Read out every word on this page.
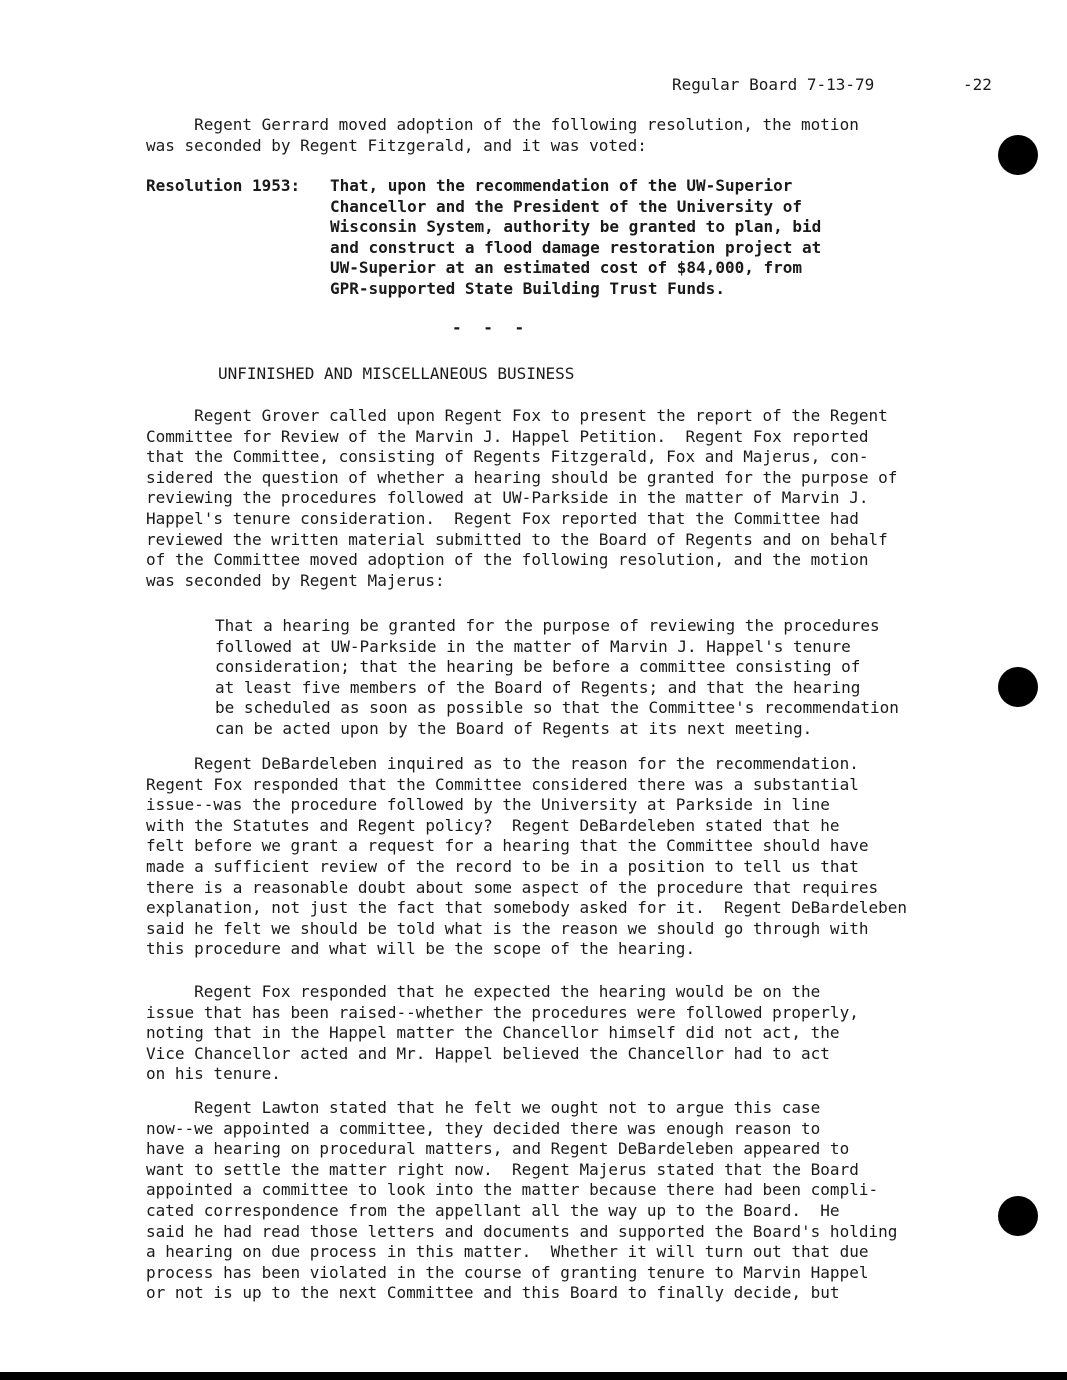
Regular Board 7-13-79	-22
Regent Gerrard moved adoption of the following resolution, the motion
was seconded by Regent Fitzgerald, and it was voted:
Resolution 1953: That, upon the recommendation of the UW-Superior
Chancellor and the President of the University of
Wisconsin System, authority be granted to plan, bid
and construct a flood damage restoration project at
UW-Superior at an estimated cost of $84,000, from
GPR-supported State Building Trust Funds.
- - -
UNFINISHED AND MISCELLANEOUS BUSINESS
Regent Grover called upon Regent Fox to present the report of the Regent
Committee for Review of the Marvin J. Happel Petition.  Regent Fox reported
that the Committee, consisting of Regents Fitzgerald, Fox and Majerus, con-
sidered the question of whether a hearing should be granted for the purpose of
reviewing the procedures followed at UW-Parkside in the matter of Marvin J.
Happel's tenure consideration.  Regent Fox reported that the Committee had
reviewed the written material submitted to the Board of Regents and on behalf
of the Committee moved adoption of the following resolution, and the motion
was seconded by Regent Majerus:
That a hearing be granted for the purpose of reviewing the procedures
followed at UW-Parkside in the matter of Marvin J. Happel's tenure
consideration; that the hearing be before a committee consisting of
at least five members of the Board of Regents; and that the hearing
be scheduled as soon as possible so that the Committee's recommendation
can be acted upon by the Board of Regents at its next meeting.
Regent DeBardeleben inquired as to the reason for the recommendation.
Regent Fox responded that the Committee considered there was a substantial
issue--was the procedure followed by the University at Parkside in line
with the Statutes and Regent policy?  Regent DeBardeleben stated that he
felt before we grant a request for a hearing that the Committee should have
made a sufficient review of the record to be in a position to tell us that
there is a reasonable doubt about some aspect of the procedure that requires
explanation, not just the fact that somebody asked for it.  Regent DeBardeleben
said he felt we should be told what is the reason we should go through with
this procedure and what will be the scope of the hearing.
Regent Fox responded that he expected the hearing would be on the
issue that has been raised--whether the procedures were followed properly,
noting that in the Happel matter the Chancellor himself did not act, the
Vice Chancellor acted and Mr. Happel believed the Chancellor had to act
on his tenure.
Regent Lawton stated that he felt we ought not to argue this case
now--we appointed a committee, they decided there was enough reason to
have a hearing on procedural matters, and Regent DeBardeleben appeared to
want to settle the matter right now.  Regent Majerus stated that the Board
appointed a committee to look into the matter because there had been compli-
cated correspondence from the appellant all the way up to the Board.  He
said he had read those letters and documents and supported the Board's holding
a hearing on due process in this matter.  Whether it will turn out that due
process has been violated in the course of granting tenure to Marvin Happel
or not is up to the next Committee and this Board to finally decide, but
